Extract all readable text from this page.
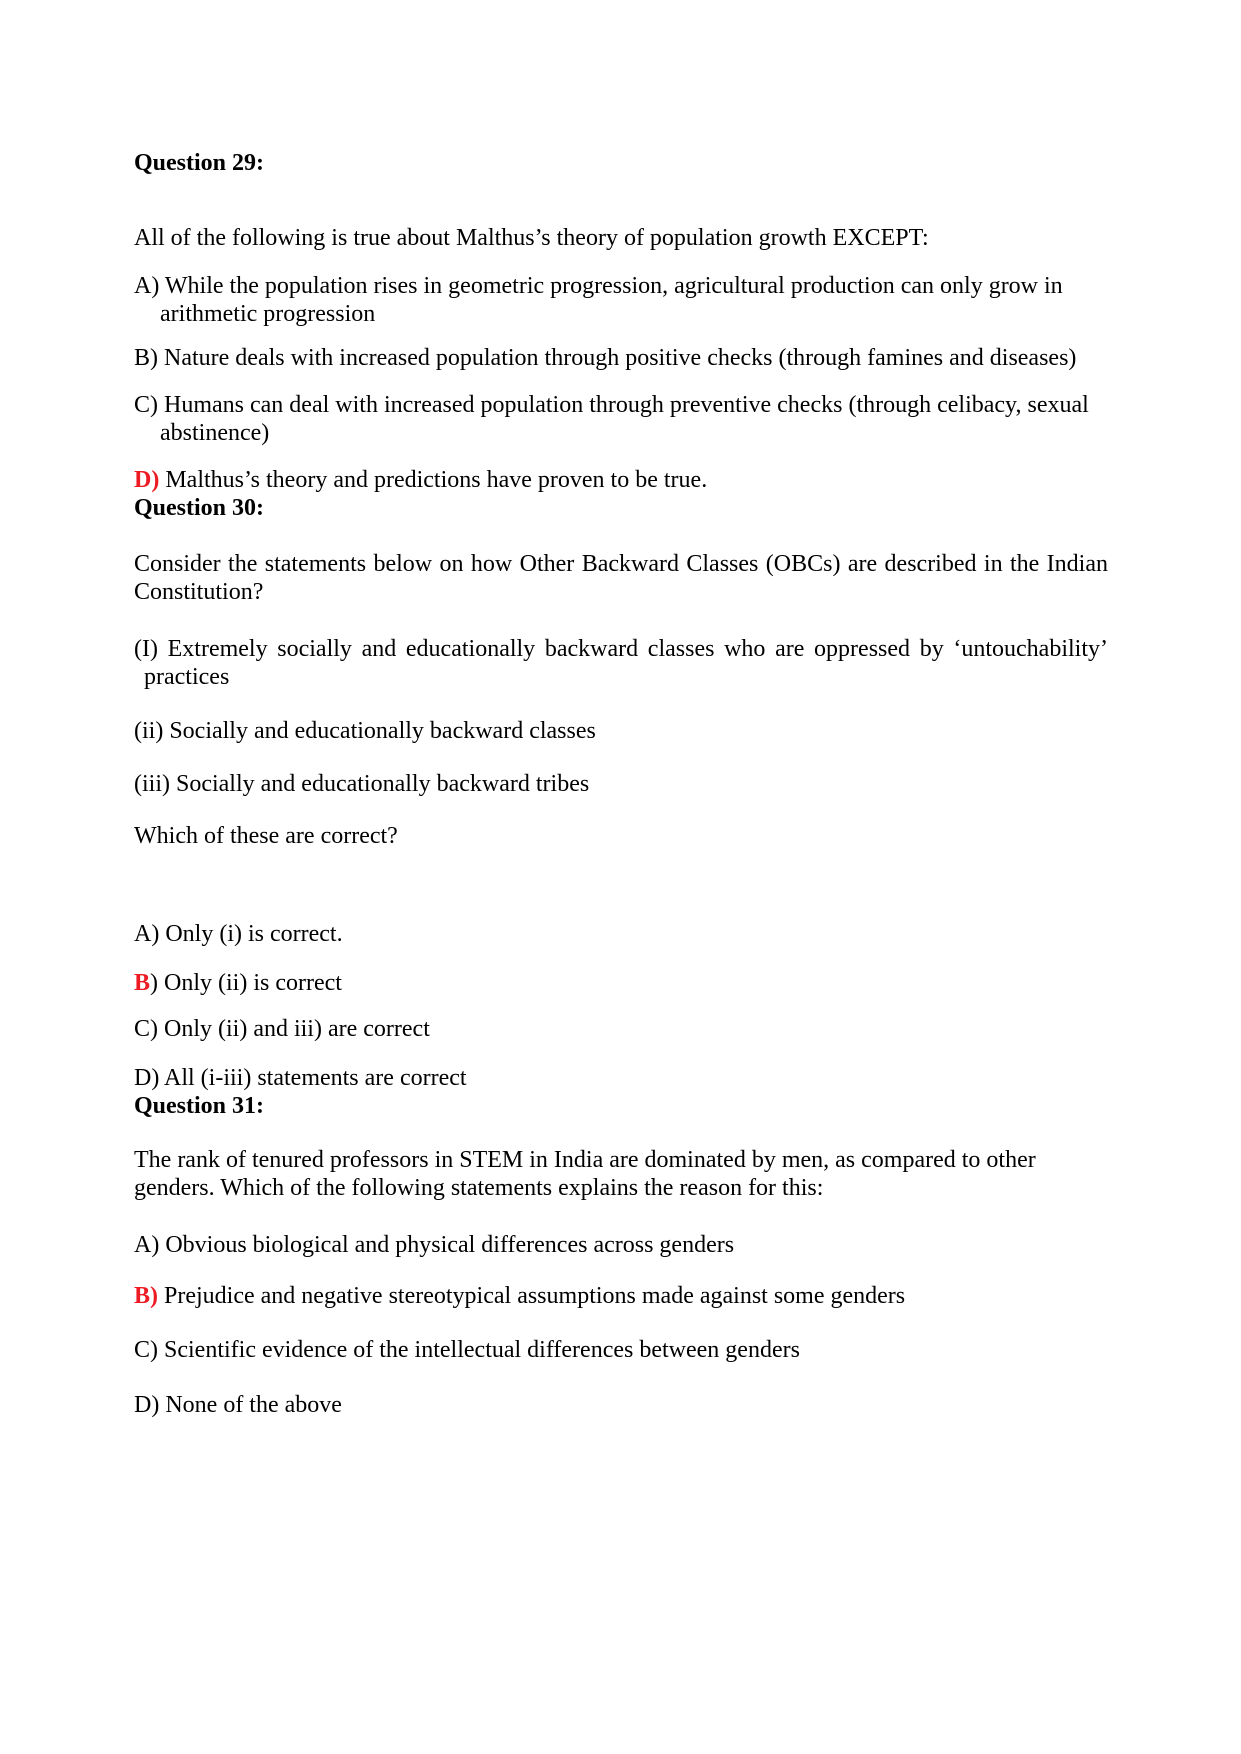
Question 29:

All of the following is true about Malthus’s theory of population growth EXCEPT:

A) While the population rises in geometric progression, agricultural production can only grow in arithmetic progression

B) Nature deals with increased population through positive checks (through famines and diseases)

C) Humans can deal with increased population through preventive checks (through celibacy, sexual abstinence)

D) Malthus’s theory and predictions have proven to be true.

Question 30:

Consider the statements below on how Other Backward Classes (OBCs) are described in the Indian Constitution?

(I) Extremely socially and educationally backward classes who are oppressed by ‘untouchability’ practices

(ii) Socially and educationally backward classes

(iii) Socially and educationally backward tribes

Which of these are correct?

A) Only (i) is correct.

B) Only (ii) is correct

C) Only (ii) and iii) are correct

D) All (i-iii) statements are correct

Question 31:

The rank of tenured professors in STEM in India are dominated by men, as compared to other genders. Which of the following statements explains the reason for this:

A) Obvious biological and physical differences across genders

B) Prejudice and negative stereotypical assumptions made against some genders

C) Scientific evidence of the intellectual differences between genders

D) None of the above
